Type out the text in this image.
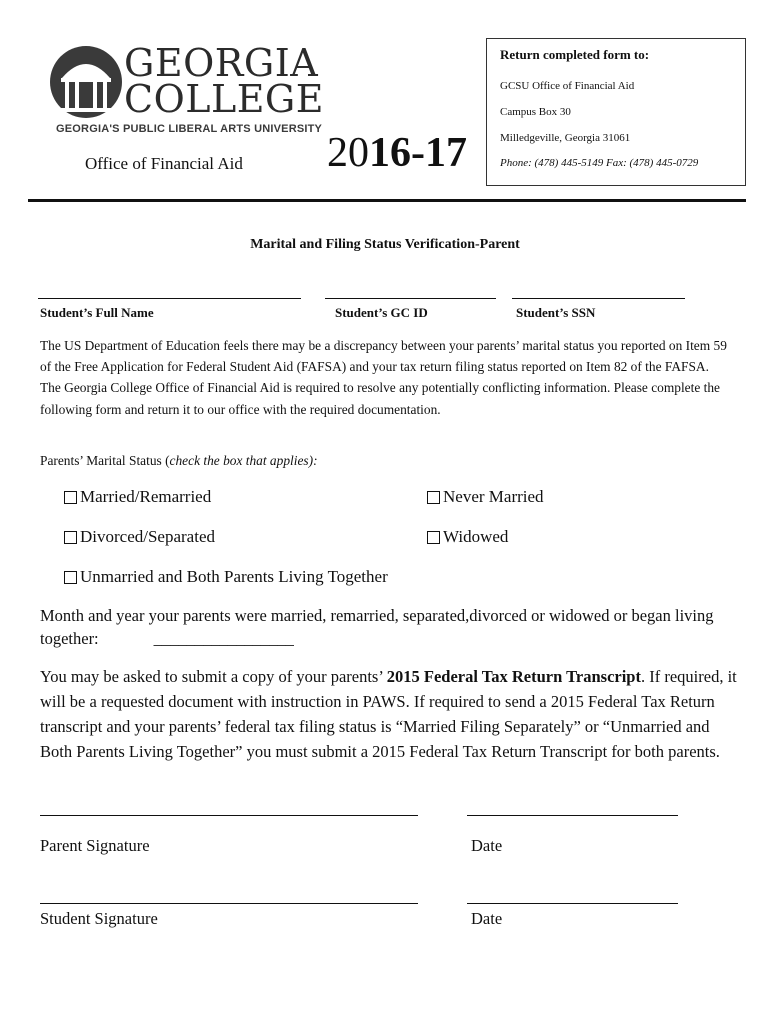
GEORGIA
COLLEGE
GEORGIA'S PUBLIC LIBERAL ARTS UNIVERSITY
Office of Financial Aid 2016-17
Return completed form to:
GCSU Office of Financial Aid
Campus Box 30
Milledgeville, Georgia 31061
Phone: (478) 445-5149 Fax: (478) 445-0729
Marital and Filing Status Verification-Parent
Student’s Full Name	Student’s GC ID	Student’s SSN
The US Department of Education feels there may be a discrepancy between your parents’ marital status you reported on Item 59 of the Free Application for Federal Student Aid (FAFSA) and your tax return filing status reported on Item 82 of the FAFSA. The Georgia College Office of Financial Aid is required to resolve any potentially conflicting information. Please complete the following form and return it to our office with the required documentation.
Parents’ Marital Status (check the box that applies):
Married/Remarried	Never Married
Divorced/Separated	Widowed
Unmarried and Both Parents Living Together
Month and year your parents were married, remarried, separated,divorced or widowed or began living together:	_________________
You may be asked to submit a copy of your parents’ 2015 Federal Tax Return Transcript. If required, it will be a requested document with instruction in PAWS. If required to send a 2015 Federal Tax Return transcript and your parents’ federal tax filing status is “Married Filing Separately” or “Unmarried and Both Parents Living Together” you must submit a 2015 Federal Tax Return Transcript for both parents.
Parent Signature	Date
Student Signature	Date
